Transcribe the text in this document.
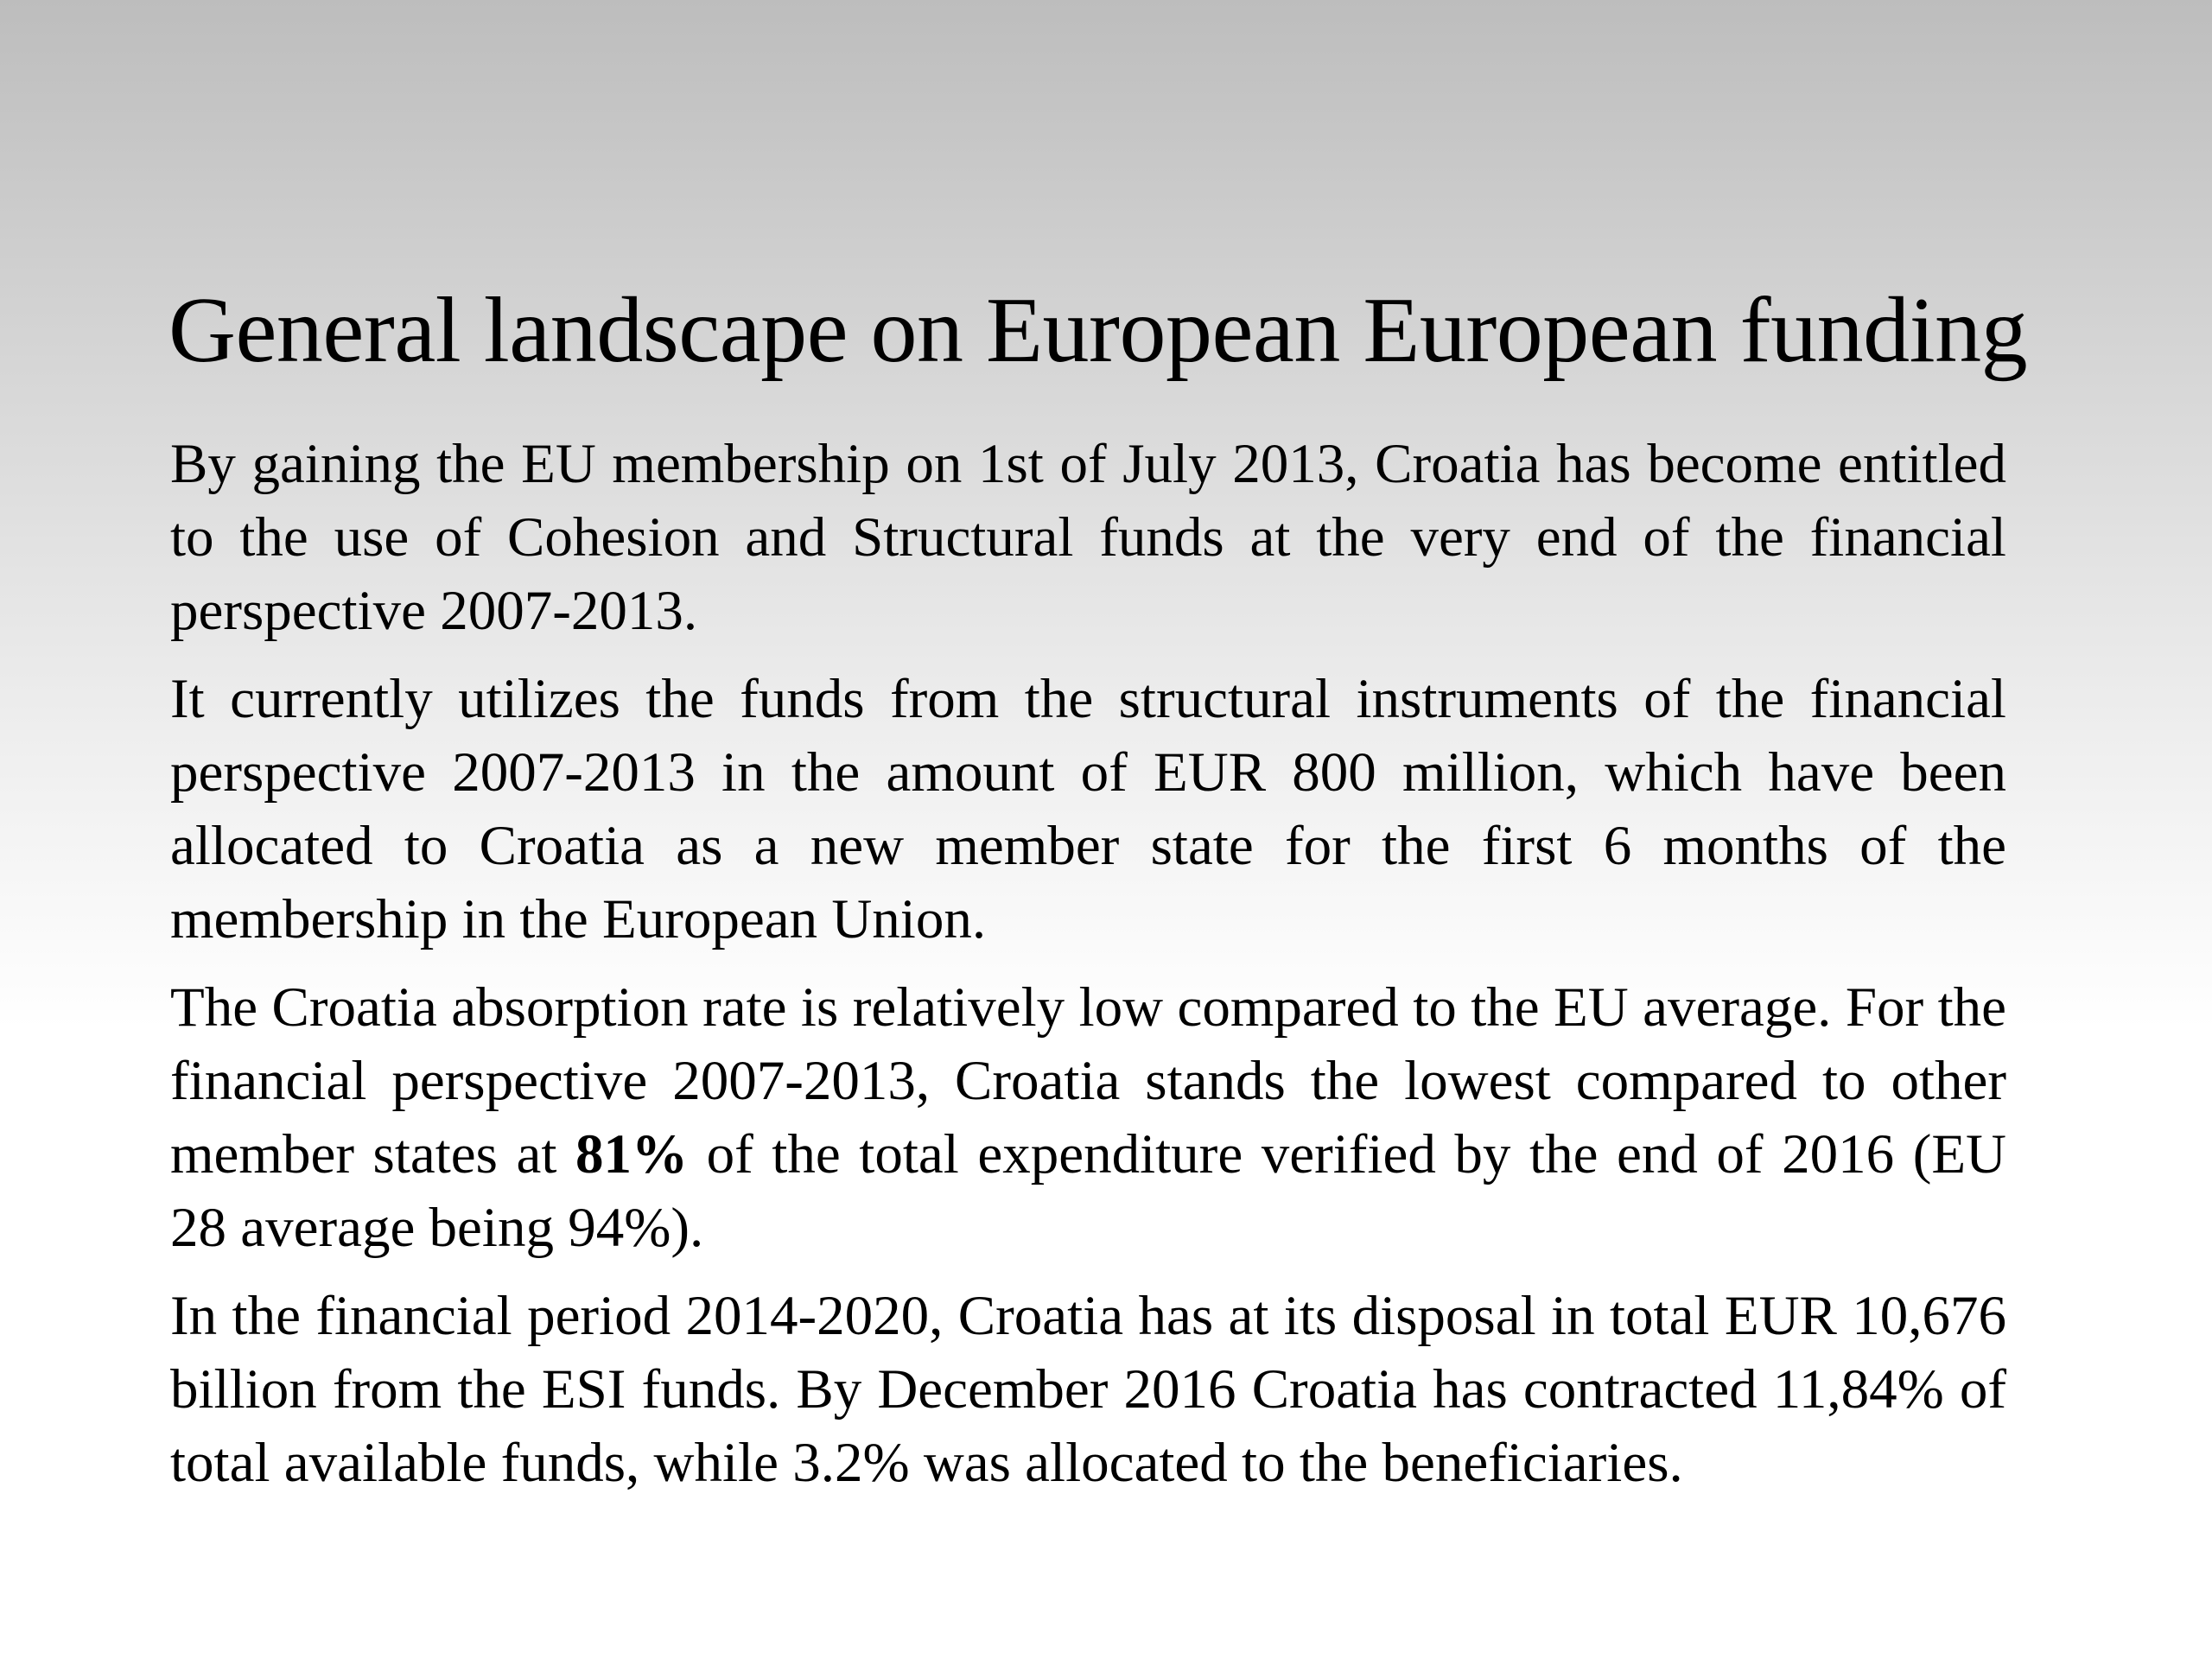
General landscape on European European funding

By gaining the EU membership on 1st of July 2013, Croatia has become entitled to the use of Cohesion and Structural funds at the very end of the financial perspective 2007-2013.

It currently utilizes the funds from the structural instruments of the financial perspective 2007-2013 in the amount of EUR 800 million, which have been allocated to Croatia as a new member state for the first 6 months of the membership in the European Union.

The Croatia absorption rate is relatively low compared to the EU average. For the financial perspective 2007-2013, Croatia stands the lowest compared to other member states at 81% of the total expenditure verified by the end of 2016 (EU 28 average being 94%).

In the financial period 2014-2020, Croatia has at its disposal in total EUR 10,676 billion from the ESI funds. By December 2016 Croatia has contracted 11,84% of total available funds, while 3.2% was allocated to the beneficiaries.
